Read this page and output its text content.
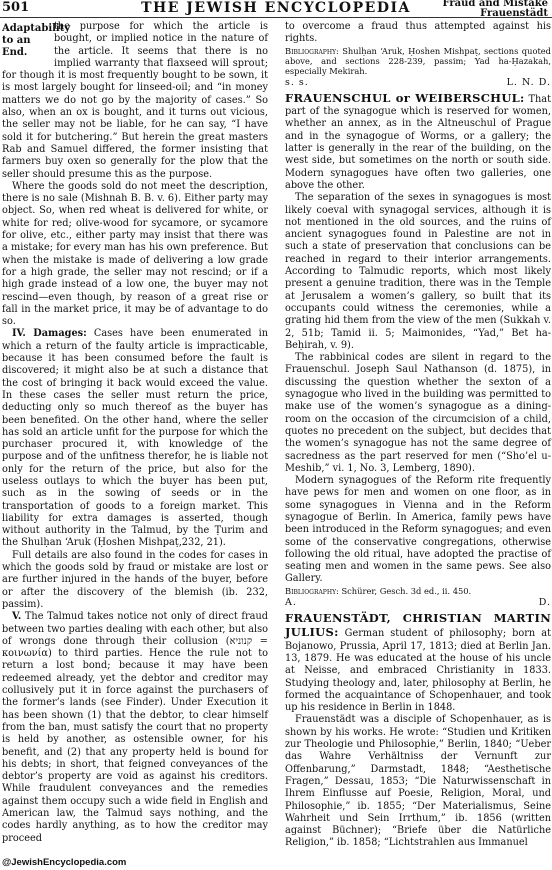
501	THE JEWISH ENCYCLOPEDIA	Fraud and Mistake
Frauenstädt

Adaptability to an End.
the purpose for which the article is bought, or implied notice in the nature of the article. It seems that there is no implied warranty that flaxseed will sprout; for though it is most frequently bought to be sown, it is most largely bought for linseed-oil; and “in money matters we do not go by the majority of cases.” So also, when an ox is bought, and it turns out vicious, the seller may not be liable, for he can say, “I have sold it for butchering.” But herein the great masters Rab and Samuel differed, the former insisting that farmers buy oxen so generally for the plow that the seller should presume this as the purpose.

Where the goods sold do not meet the description, there is no sale (Mishnah B. B. v. 6). Either party may object. So, when red wheat is delivered for white, or white for red; olive-wood for sycamore, or sycamore for olive, etc., either party may insist that there was a mistake; for every man has his own preference. But when the mistake is made of delivering a low grade for a high grade, the seller may not rescind; or if a high grade instead of a low one, the buyer may not rescind—even though, by reason of a great rise or fall in the market price, it may be of advantage to do so.

IV. Damages: Cases have been enumerated in which a return of the faulty article is impracticable, because it has been consumed before the fault is discovered; it might also be at such a distance that the cost of bringing it back would exceed the value. In these cases the seller must return the price, deducting only so much thereof as the buyer has been benefited. On the other hand, where the seller has sold an article unfit for the purpose for which the purchaser procured it, with knowledge of the purpose and of the unfitness therefor, he is liable not only for the return of the price, but also for the useless outlays to which the buyer has been put, such as in the sowing of seeds or in the transportation of goods to a foreign market. This liability for extra damages is asserted, though without authority in the Talmud, by the Ṭurim and the Shulḥan ‘Aruk (Ḥoshen Mishpaṭ,232, 21).

Full details are also found in the codes for cases in which the goods sold by fraud or mistake are lost or are further injured in the hands of the buyer, before or after the discovery of the blemish (ib. 232, passim).

V. The Talmud takes notice not only of direct fraud between two parties dealing with each other, but also of wrongs done through their collusion (קנוניא = κοινωνία) to third parties. Hence the rule not to return a lost bond; because it may have been redeemed already, yet the debtor and creditor may collusively put it in force against the purchasers of the former’s lands (see Finder). Under Execution it has been shown (1) that the debtor, to clear himself from the ban, must satisfy the court that no property is held by another, as ostensible owner, for his benefit, and (2) that any property held is bound for his debts; in short, that feigned conveyances of the debtor’s property are void as against his creditors. While fraudulent conveyances and the remedies against them occupy such a wide field in English and American law, the Talmud says nothing, and the codes hardly anything, as to how the creditor may proceed

to overcome a fraud thus attempted against his rights.

Bibliography: Shulḥan ‘Aruk, Ḥoshen Mishpaṭ, sections quoted above, and sections 228-239, passim; Yad ha-Ḥazakah, especially Mekirah.

s. s.	L. N. D.

FRAUENSCHUL or WEIBERSCHUL: That part of the synagogue which is reserved for women, whether an annex, as in the Altneuschul of Prague and in the synagogue of Worms, or a gallery; the latter is generally in the rear of the building, on the west side, but sometimes on the north or south side. Modern synagogues have often two galleries, one above the other.

The separation of the sexes in synagogues is most likely coeval with synagogal services, although it is not mentioned in the old sources, and the ruins of ancient synagogues found in Palestine are not in such a state of preservation that conclusions can be reached in regard to their interior arrangements. According to Talmudic reports, which most likely present a genuine tradition, there was in the Temple at Jerusalem a women’s gallery, so built that its occupants could witness the ceremonies, while a grating hid them from the view of the men (Sukkah v. 2, 51b; Tamid ii. 5; Maimonides, “Yad,” Bet ha-Beḥirah, v. 9).

The rabbinical codes are silent in regard to the Frauenschul. Joseph Saul Nathanson (d. 1875), in discussing the question whether the sexton of a synagogue who lived in the building was permitted to make use of the women’s synagogue as a dining-room on the occasion of the circumcision of a child, quotes no precedent on the subject, but decides that the women’s synagogue has not the same degree of sacredness as the part reserved for men (“Sho’el u-Meshib,” vi. 1, No. 3, Lemberg, 1890).

Modern synagogues of the Reform rite frequently have pews for men and women on one floor, as in some synagogues in Vienna and in the Reform synagogue of Berlin. In America, family pews have been introduced in the Reform synagogues; and even some of the conservative congregations, otherwise following the old ritual, have adopted the practise of seating men and women in the same pews. See also Gallery.

Bibliography: Schürer, Gesch. 3d ed., ii. 450.

A.	D.

FRAUENSTÄDT, CHRISTIAN MARTIN JULIUS: German student of philosophy; born at Bojanowo, Prussia, April 17, 1813; died at Berlin Jan. 13, 1879. He was educated at the house of his uncle at Neisse, and embraced Christianity in 1833. Studying theology and, later, philosophy at Berlin, he formed the acquaintance of Schopenhauer, and took up his residence in Berlin in 1848.

Frauenstädt was a disciple of Schopenhauer, as is shown by his works. He wrote: “Studien und Kritiken zur Theologie und Philosophie,” Berlin, 1840; “Ueber das Wahre Verhältniss der Vernunft zur Offenbarung,” Darmstadt, 1848; “Aesthetische Fragen,” Dessau, 1853; “Die Naturwissenschaft in Ihrem Einflusse auf Poesie, Religion, Moral, und Philosophie,” ib. 1855; “Der Materialismus, Seine Wahrheit und Sein Irrthum,” ib. 1856 (written against Büchner); “Briefe über die Natürliche Religion,” ib. 1858; “Lichtstrahlen aus Immanuel

@JewishEncyclopedia.com
